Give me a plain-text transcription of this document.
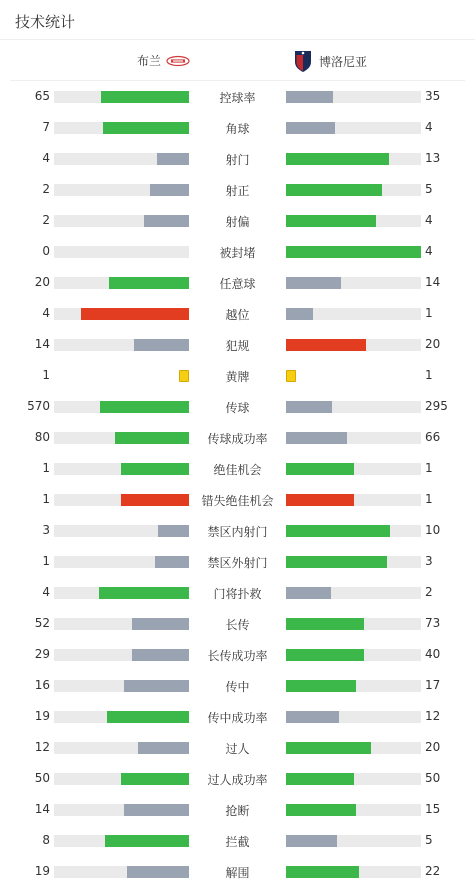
技术统计
布兰	博洛尼亚
65	控球率	35
7	角球	4
4	射门	13
2	射正	5
2	射偏	4
0	被封堵	4
20	任意球	14
4	越位	1
14	犯规	20
1	黄牌	1
570	传球	295
80	传球成功率	66
1	绝佳机会	1
1	错失绝佳机会	1
3	禁区内射门	10
1	禁区外射门	3
4	门将扑救	2
52	长传	73
29	长传成功率	40
16	传中	17
19	传中成功率	12
12	过人	20
50	过人成功率	50
14	抢断	15
8	拦截	5
19	解围	22
